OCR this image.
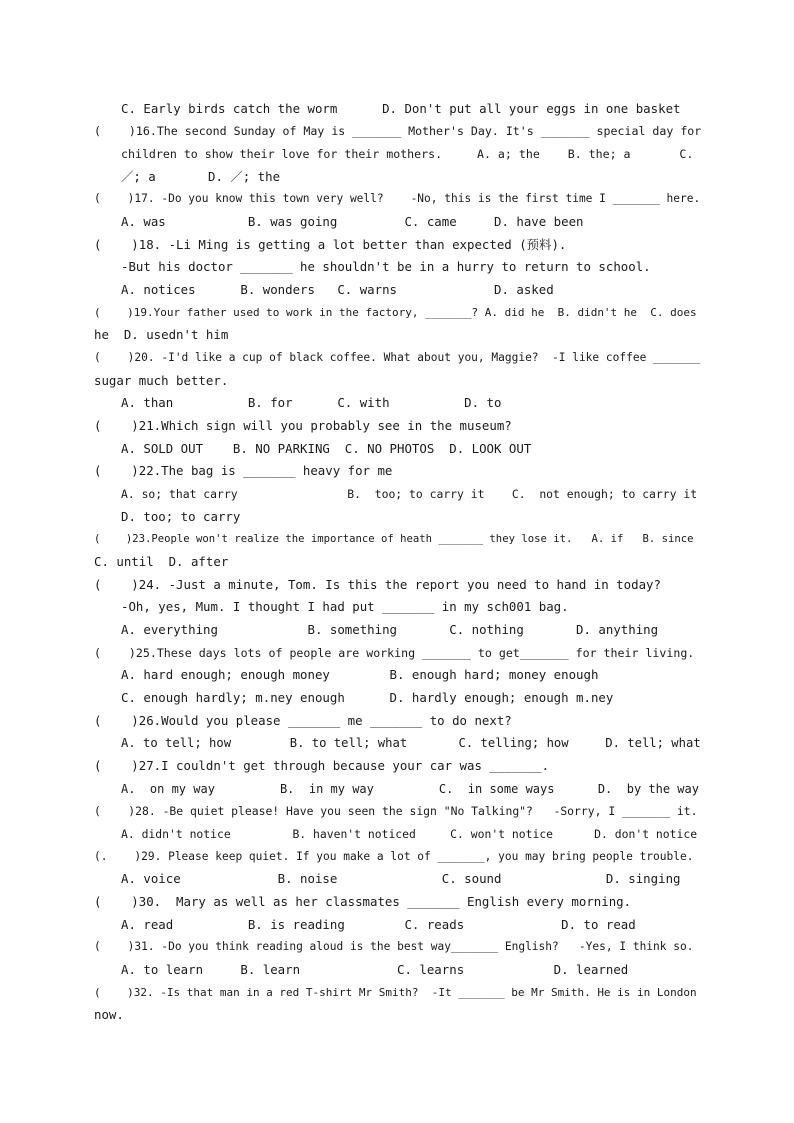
C. Early birds catch the worm      D. Don't put all your eggs in one basket
(    )16.The second Sunday of May is _______ Mother's Day. It's _______ special day for
children to show their love for their mothers.     A. a; the    B. the; a       C.
／; a       D. ／; the
(    )17. -Do you know this town very well?    -No, this is the first time I _______ here.
A. was           B. was going         C. came     D. have been
(    )18. -Li Ming is getting a lot better than expected (预料).
-But his doctor _______ he shouldn't be in a hurry to return to school.
A. notices      B. wonders   C. warns             D. asked
(    )19.Your father used to work in the factory, _______? A. did he  B. didn't he  C. does
he  D. usedn't him
(    )20. -I'd like a cup of black coffee. What about you, Maggie?  -I like coffee _______
sugar much better.
A. than          B. for      C. with          D. to
(    )21.Which sign will you probably see in the museum?
A. SOLD OUT    B. NO PARKING  C. NO PHOTOS  D. LOOK OUT
(    )22.The bag is _______ heavy for me
A. so; that carry                B.  too; to carry it    C.  not enough; to carry it
D. too; to carry
(    )23.People won't realize the importance of heath _______ they lose it.   A. if   B. since
C. until  D. after
(    )24. -Just a minute, Tom. Is this the report you need to hand in today?
-Oh, yes, Mum. I thought I had put _______ in my sch001 bag.
A. everything            B. something       C. nothing       D. anything
(    )25.These days lots of people are working _______ to get_______ for their living.
A. hard enough; enough money        B. enough hard; money enough
C. enough hardly; m.ney enough      D. hardly enough; enough m.ney
(    )26.Would you please _______ me _______ to do next?
A. to tell; how        B. to tell; what       C. telling; how     D. tell; what
(    )27.I couldn't get through because your car was _______.
A.  on my way         B.  in my way         C.  in some ways      D.  by the way
(    )28. -Be quiet please! Have you seen the sign "No Talking"?   -Sorry, I _______ it.
A. didn't notice         B. haven't noticed     C. won't notice      D. don't notice
(.    )29. Please keep quiet. If you make a lot of _______, you may bring people trouble.
A. voice             B. noise              C. sound              D. singing
(    )30.  Mary as well as her classmates _______ English every morning.
A. read          B. is reading        C. reads             D. to read
(    )31. -Do you think reading aloud is the best way_______ English?   -Yes, I think so.
A. to learn     B. learn             C. learns            D. learned
(    )32. -Is that man in a red T-shirt Mr Smith?  -It _______ be Mr Smith. He is in London
now.
